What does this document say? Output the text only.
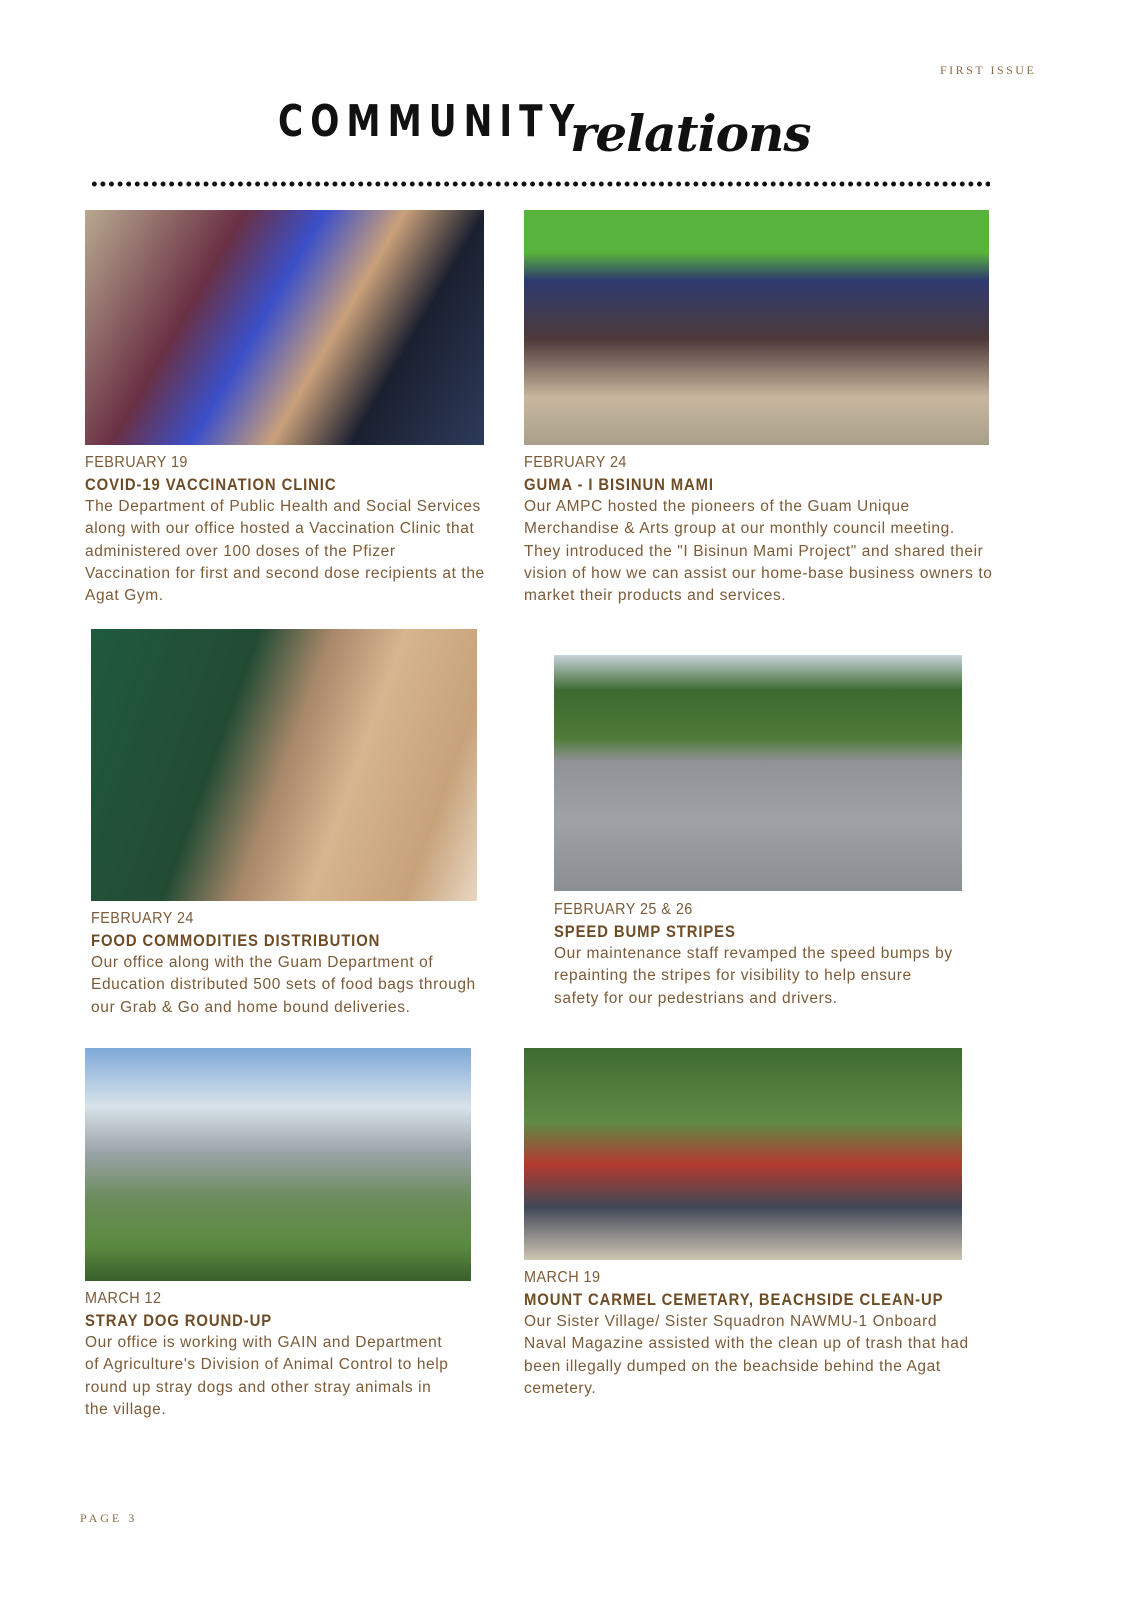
FIRST ISSUE
COMMUNITY
relations
FEBRUARY 19
COVID-19 VACCINATION CLINIC
The Department of Public Health and Social Services along with our office hosted a Vaccination Clinic that administered over 100 doses of the Pfizer Vaccination for first and second dose recipients at the Agat Gym.
FEBRUARY 24
GUMA - I BISINUN MAMI
Our AMPC hosted the pioneers of the Guam Unique Merchandise & Arts group at our monthly council meeting. They introduced the "I Bisinun Mami Project" and shared their vision of how we can assist our home-base business owners to market their products and services.
FEBRUARY 24
FOOD COMMODITIES DISTRIBUTION
Our office along with the Guam Department of Education distributed 500 sets of food bags through our Grab & Go and home bound deliveries.
FEBRUARY 25 & 26
SPEED BUMP STRIPES
Our maintenance staff revamped the speed bumps by repainting the stripes for visibility to help ensure safety for our pedestrians and drivers.
MARCH 12
STRAY DOG ROUND-UP
Our office is working with GAIN and Department of Agriculture's Division of Animal Control to help round up stray dogs and other stray animals in the village.
MARCH 19
MOUNT CARMEL CEMETARY, BEACHSIDE CLEAN-UP
Our Sister Village/ Sister Squadron NAWMU-1 Onboard Naval Magazine assisted with the clean up of trash that had been illegally dumped on the beachside behind the Agat cemetery.
PAGE 3
